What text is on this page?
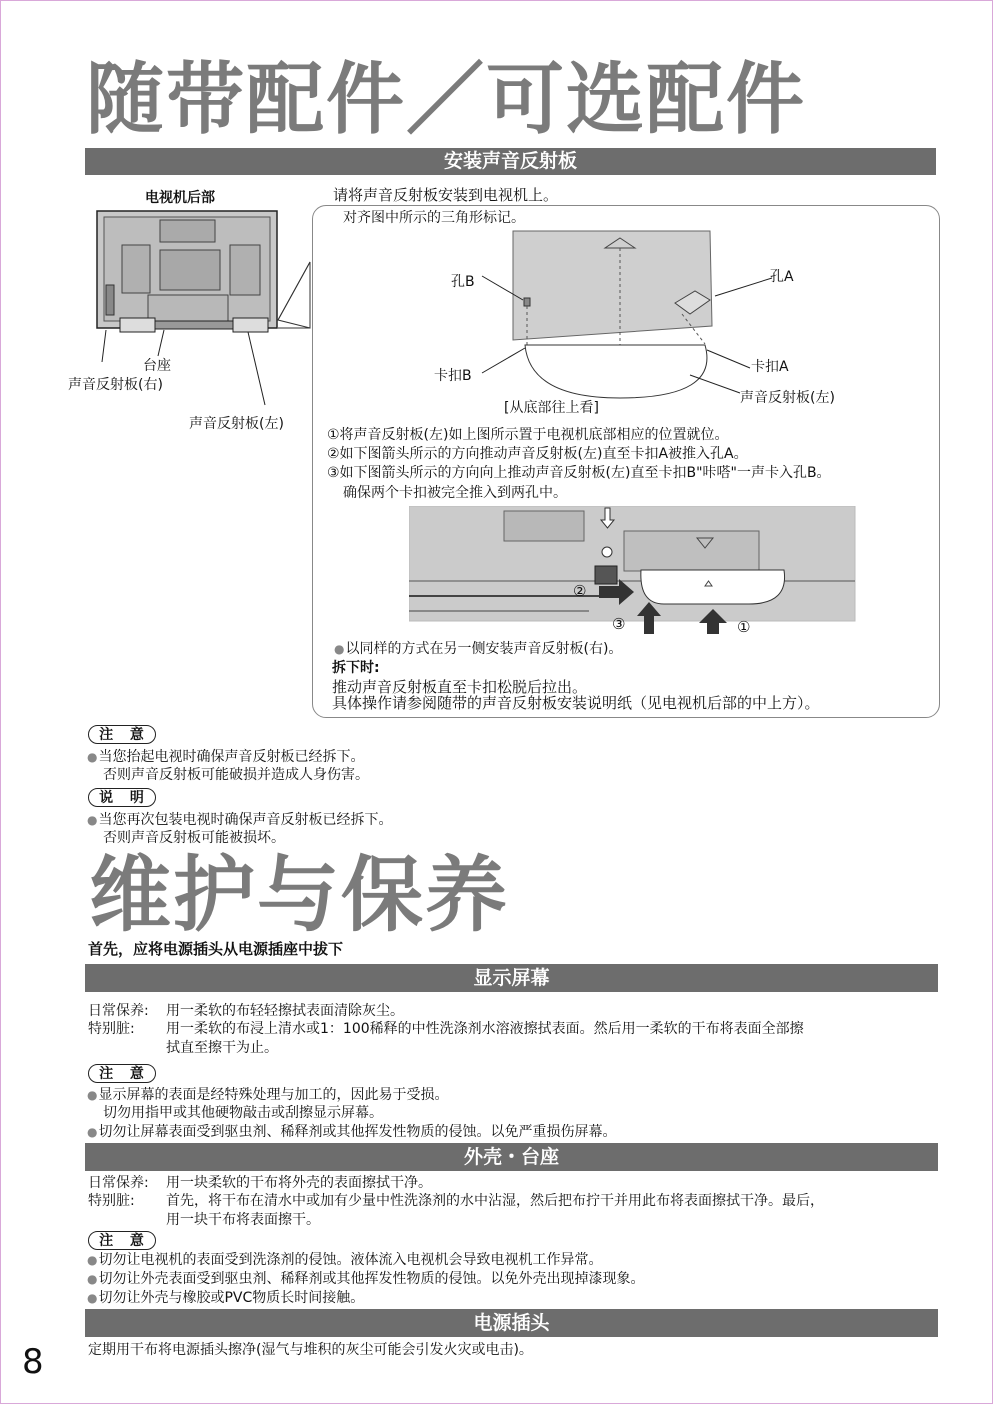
随带配件／可选配件
安装声音反射板
电视机后部
台座
声音反射板(右)
声音反射板(左)
请将声音反射板安装到电视机上。
对齐图中所示的三角形标记。
孔B	孔A
卡扣B
卡扣A
声音反射板(左)
[从底部往上看]
①将声音反射板(左)如上图所示置于电视机底部相应的位置就位。
②如下图箭头所示的方向推动声音反射板(左)直至卡扣A被推入孔A。
③如下图箭头所示的方向向上推动声音反射板(左)直至卡扣B"咔嗒"一声卡入孔B。
确保两个卡扣被完全推入到两孔中。
②
③	①
● 以同样的方式在另一侧安装声音反射板(右)。
拆下时:
推动声音反射板直至卡扣松脱后拉出。
具体操作请参阅随带的声音反射板安装说明纸（见电视机后部的中上方）。
注 意
● 当您抬起电视时确保声音反射板已经拆下。
否则声音反射板可能破损并造成人身伤害。
说 明
● 当您再次包装电视时确保声音反射板已经拆下。
否则声音反射板可能被损坏。
维护与保养
首先，应将电源插头从电源插座中拔下
显示屏幕
日常保养: 用一柔软的布轻轻擦拭表面清除灰尘。
特别脏: 用一柔软的布浸上清水或1：100稀释的中性洗涤剂水溶液擦拭表面。然后用一柔软的干布将表面全部擦
拭直至擦干为止。
注 意
● 显示屏幕的表面是经特殊处理与加工的，因此易于受损。
切勿用指甲或其他硬物敲击或刮擦显示屏幕。
● 切勿让屏幕表面受到驱虫剂、稀释剂或其他挥发性物质的侵蚀。以免严重损伤屏幕。
外壳・台座
日常保养: 用一块柔软的干布将外壳的表面擦拭干净。
特别脏: 首先，将干布在清水中或加有少量中性洗涤剂的水中沾湿，然后把布拧干并用此布将表面擦拭干净。最后，
用一块干布将表面擦干。
注 意
● 切勿让电视机的表面受到洗涤剂的侵蚀。液体流入电视机会导致电视机工作异常。
● 切勿让外壳表面受到驱虫剂、稀释剂或其他挥发性物质的侵蚀。以免外壳出现掉漆现象。
● 切勿让外壳与橡胶或PVC物质长时间接触。
电源插头
定期用干布将电源插头擦净(湿气与堆积的灰尘可能会引发火灾或电击)。
8
